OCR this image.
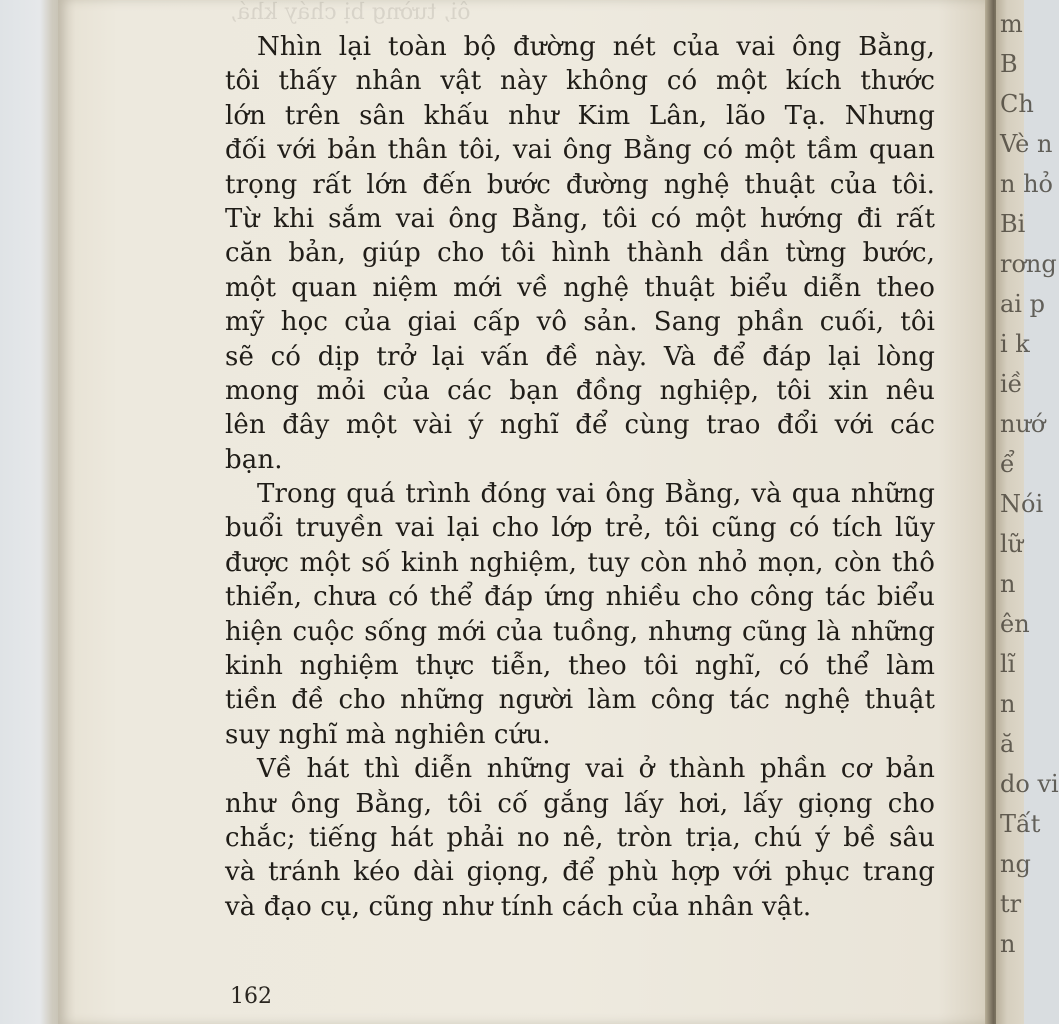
ôi, tường bị cháy khá,
Nhìn lại toàn bộ đường nét của vai ông Bằng,
tôi thấy nhân vật này không có một kích thước
lớn trên sân khấu như Kim Lân, lão Tạ. Nhưng
đối với bản thân tôi, vai ông Bằng có một tầm quan
trọng rất lớn đến bước đường nghệ thuật của tôi.
Từ khi sắm vai ông Bằng, tôi có một hướng đi rất
căn bản, giúp cho tôi hình thành dần từng bước,
một quan niệm mới về nghệ thuật biểu diễn theo
mỹ học của giai cấp vô sản. Sang phần cuối, tôi
sẽ có dịp trở lại vấn đề này. Và để đáp lại lòng
mong mỏi của các bạn đồng nghiệp, tôi xin nêu
lên đây một vài ý nghĩ để cùng trao đổi với các
bạn.
Trong quá trình đóng vai ông Bằng, và qua những
buổi truyền vai lại cho lớp trẻ, tôi cũng có tích lũy
được một số kinh nghiệm, tuy còn nhỏ mọn, còn thô
thiển, chưa có thể đáp ứng nhiều cho công tác biểu
hiện cuộc sống mới của tuồng, nhưng cũng là những
kinh nghiệm thực tiễn, theo tôi nghĩ, có thể làm
tiền đề cho những người làm công tác nghệ thuật
suy nghĩ mà nghiên cứu.
Về hát thì diễn những vai ở thành phần cơ bản
như ông Bằng, tôi cố gắng lấy hơi, lấy giọng cho
chắc; tiếng hát phải no nê, tròn trịa, chú ý bề sâu
và tránh kéo dài giọng, để phù hợp với phục trang
và đạo cụ, cũng như tính cách của nhân vật.
162
m
B
Ch
Vè n
n hỏ
Bi
rơng
ai p
i k
iề
nướ
ể
Nói
lữ
n
ên
lĩ
n
ă
do vi
Tất
ng
tr
n
